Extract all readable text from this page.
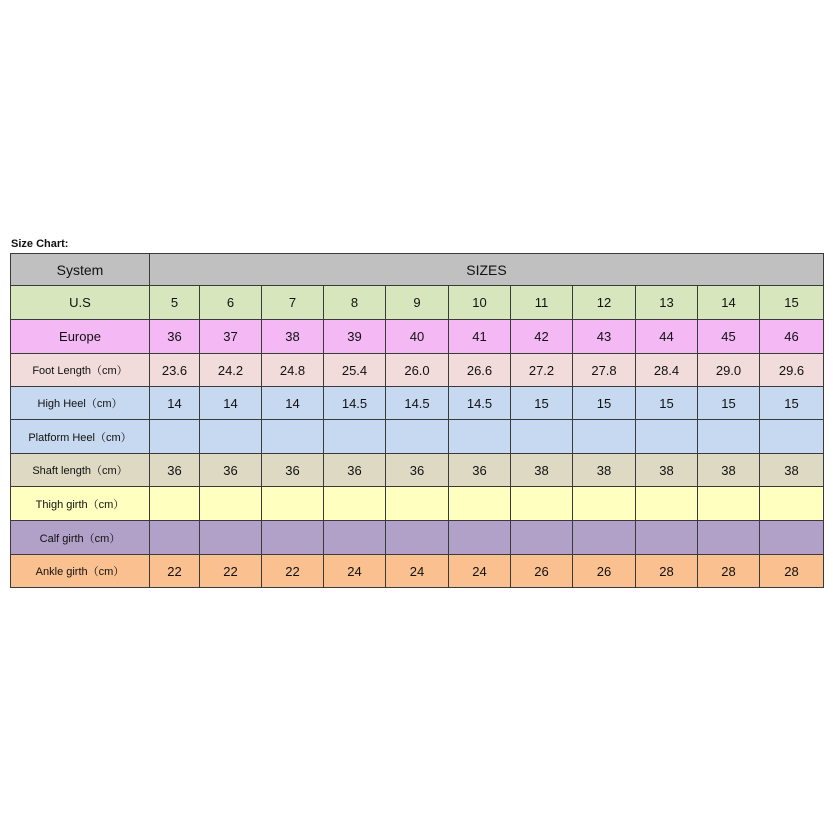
Size Chart:
System	SIZES										
U.S	5	6	7	8	9	10	11	12	13	14	15
Europe	36	37	38	39	40	41	42	43	44	45	46
Foot Length（cm）	23.6	24.2	24.8	25.4	26.0	26.6	27.2	27.8	28.4	29.0	29.6
High Heel（cm）	14	14	14	14.5	14.5	14.5	15	15	15	15	15
Platform Heel（cm）											
Shaft length（cm）	36	36	36	36	36	36	38	38	38	38	38
Thigh girth（cm）											
Calf girth（cm）											
Ankle girth（cm）	22	22	22	24	24	24	26	26	28	28	28
